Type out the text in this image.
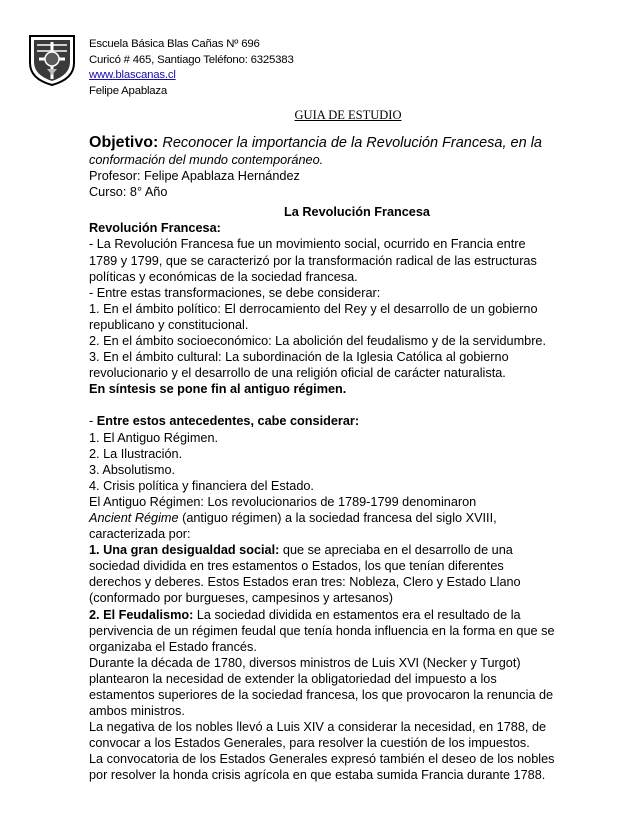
Escuela Básica Blas Cañas Nº 696
Curicó # 465, Santiago Teléfono: 6325383
www.blascanas.cl
Felipe Apablaza
GUIA DE ESTUDIO
Objetivo: Reconocer la importancia de la Revolución Francesa, en la
conformación del mundo contemporáneo.
Profesor: Felipe Apablaza Hernández
Curso: 8° Año
La Revolución Francesa
Revolución Francesa:
- La Revolución Francesa fue un movimiento social, ocurrido en Francia entre
1789 y 1799, que se caracterizó por la transformación radical de las estructuras
políticas y económicas de la sociedad francesa.
- Entre estas transformaciones, se debe considerar:
1. En el ámbito político: El derrocamiento del Rey y el desarrollo de un gobierno
republicano y constitucional.
2. En el ámbito socioeconómico: La abolición del feudalismo y de la servidumbre.
3. En el ámbito cultural: La subordinación de la Iglesia Católica al gobierno
revolucionario y el desarrollo de una religión oficial de carácter naturalista.
En síntesis se pone fin al antiguo régimen.
- Entre estos antecedentes, cabe considerar:
1. El Antiguo Régimen.
2. La Ilustración.
3. Absolutismo.
4. Crisis política y financiera del Estado.
El Antiguo Régimen: Los revolucionarios de 1789-1799 denominaron
Ancient Régime (antiguo régimen) a la sociedad francesa del siglo XVIII,
caracterizada por:
1. Una gran desigualdad social: que se apreciaba en el desarrollo de una
sociedad dividida en tres estamentos o Estados, los que tenían diferentes
derechos y deberes. Estos Estados eran tres: Nobleza, Clero y Estado Llano
(conformado por burgueses, campesinos y artesanos)
2. El Feudalismo: La sociedad dividida en estamentos era el resultado de la
pervivencia de un régimen feudal que tenía honda influencia en la forma en que se
organizaba el Estado francés.
Durante la década de 1780, diversos ministros de Luis XVI (Necker y Turgot)
plantearon la necesidad de extender la obligatoriedad del impuesto a los
estamentos superiores de la sociedad francesa, los que provocaron la renuncia de
ambos ministros.
La negativa de los nobles llevó a Luis XIV a considerar la necesidad, en 1788, de
convocar a los Estados Generales, para resolver la cuestión de los impuestos.
La convocatoria de los Estados Generales expresó también el deseo de los nobles
por resolver la honda crisis agrícola en que estaba sumida Francia durante 1788.
